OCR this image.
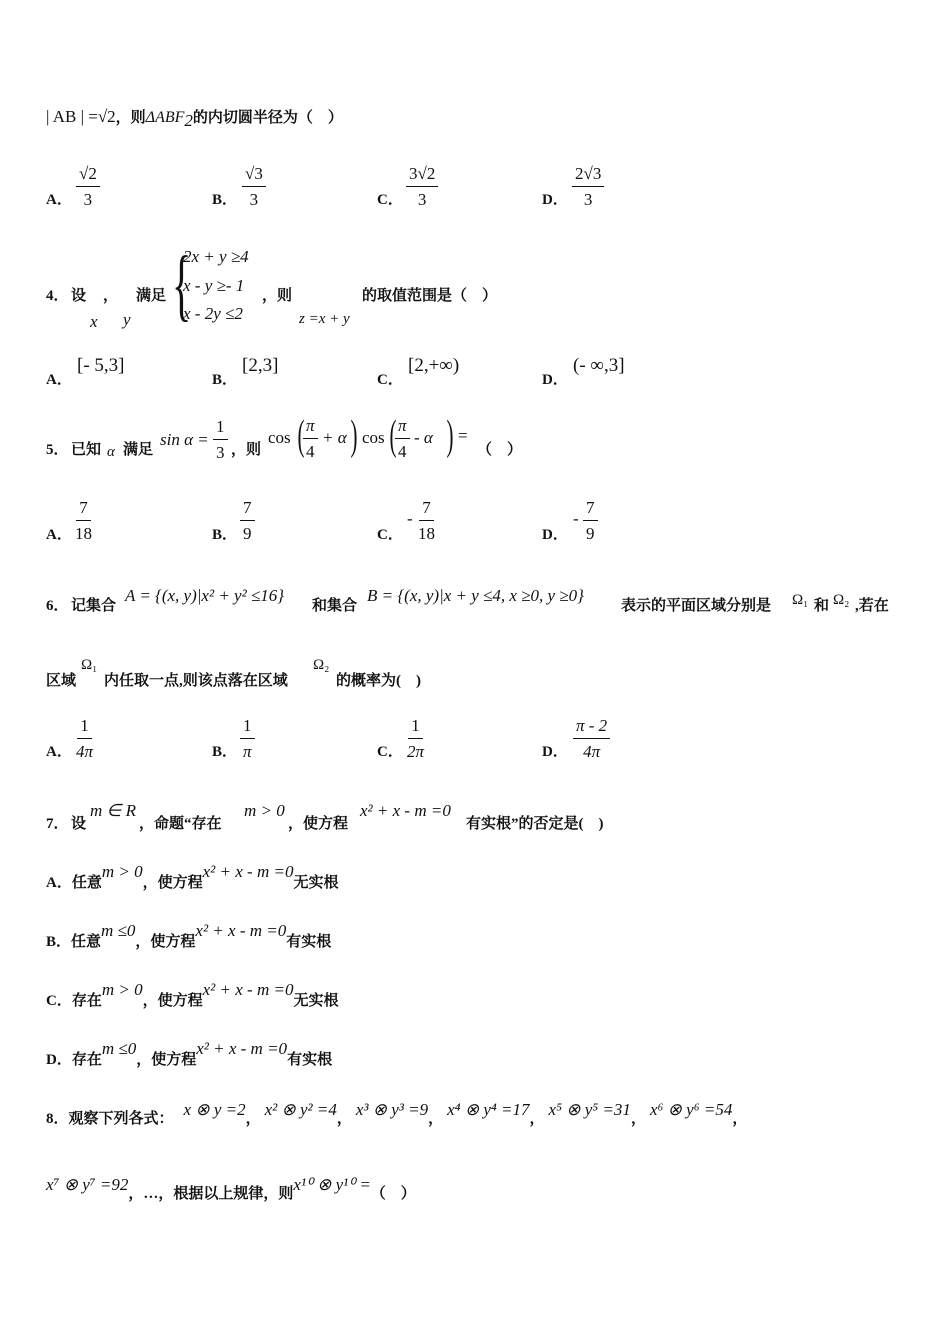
| AB | =√2，则$\Delta ABF_2$的内切圆半径为（　）
A． $\frac{√2}{3}$	B． $\frac{√3}{3}$	C． $\frac{3√2}{3}$	D． $\frac{2√3}{3}$
4． 设 ， 满足
x y {
2x + y ≥4
x - y ≥- 1
x - 2y ≤2
，则
z =x + y
的取值范围是（　）
A．
[- 5,3]
B．
[2,3]
C．
[2,+∞)
D．
(- ∞,3]
5． 已知 α 满足
$\sin \alpha = \frac{1}{3}$ ，则
cos (
$\frac{\pi}{4} + \alpha$ ) cos (
$\frac{\pi}{4}$ - α ) =
（　）
A． $\frac{7}{18}$	B． $\frac{7}{9}$	C．
- $\frac{7}{18}$	D．
- $\frac{7}{9}$
6． 记集合
A = {(x, y)|x² + y² ≤16}
和集合
B = {(x, y)|x + y ≤4, x ≥0, y ≥0}
表示的平面区域分别是 Ω₁ 和 Ω₂ ,若在
区域
Ω₁
内任取一点,则该点落在区域
Ω₂
的概率为(　)
A． $\frac{1}{4\pi}$	B． $\frac{1}{\pi}$	C． $\frac{1}{2\pi}$	D． $\frac{\pi - 2}{4\pi}$
7． 设
m ∈ R
，命题“存在
m > 0
，使方程
x² + x - m =0
有实根”的否定是(　)
A．任意m > 0，使方程x² + x - m =0无实根
B．任意m ≤0，使方程x² + x - m =0有实根
C．存在m > 0，使方程x² + x - m =0无实根
D．存在m ≤0，使方程x² + x - m =0有实根
8．观察下列各式： x ⊗ y =2， x² ⊗ y² =4， x³ ⊗ y³ =9， x⁴ ⊗ y⁴ =17， x⁵ ⊗ y⁵ =31， x⁶ ⊗ y⁶ =54，
x⁷ ⊗ y⁷ =92，…，根据以上规律，则x¹⁰ ⊗ y¹⁰ =（　）
